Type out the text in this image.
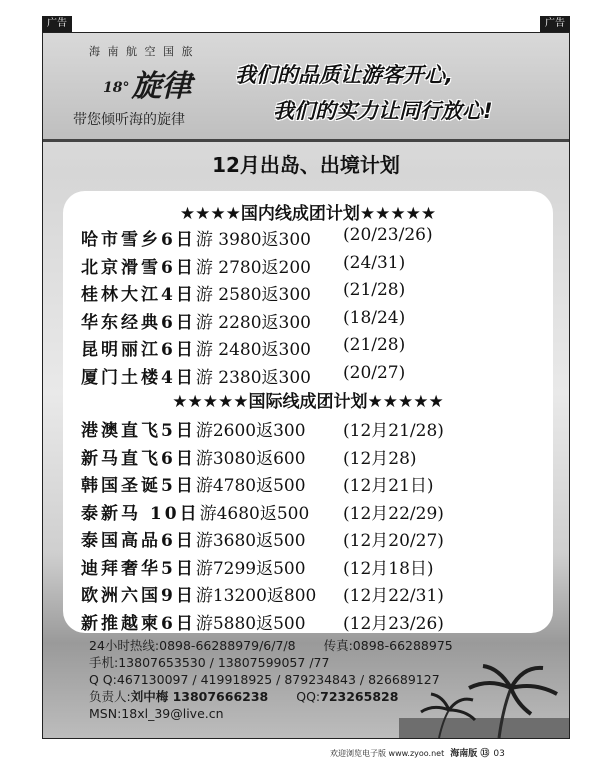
广告	广告
海 南 航 空 国 旅
18°旋律
带您倾听海的旋律
我们的品质让游客开心,
我们的实力让同行放心!
12月出岛、出境计划
★★★★国内线成团计划★★★★★
哈市雪乡6日游 3980返300 (20/23/26)
北京滑雪6日游 2780返200 (24/31)
桂林大江4日游 2580返300 (21/28)
华东经典6日游 2280返300 (18/24)
昆明丽江6日游 2480返300 (21/28)
厦门土楼4日游 2380返300 (20/27)
★★★★★国际线成团计划★★★★★
港澳直飞5日游2600返300 (12月21/28)
新马直飞6日游3080返600 (12月28)
韩国圣诞5日游4780返500 (12月21日)
泰新马 10日游4680返500 (12月22/29)
泰国高品6日游3680返500 (12月20/27)
迪拜奢华5日游7299返500 (12月18日)
欧洲六国9日游13200返800 (12月22/31)
新推越柬6日游5880返500 (12月23/26)
24小时热线:0898-66288979/6/7/8 传真:0898-66288975
手机:13807653530 / 13807599057 /77
Q Q:467130097 / 419918925 / 879234843 / 826689127
负责人:刘中梅 13807666238 QQ:723265828
MSN:18xl_39@live.cn
欢迎浏览电子版 www.zyoo.net 海南版 ⑬ 03
